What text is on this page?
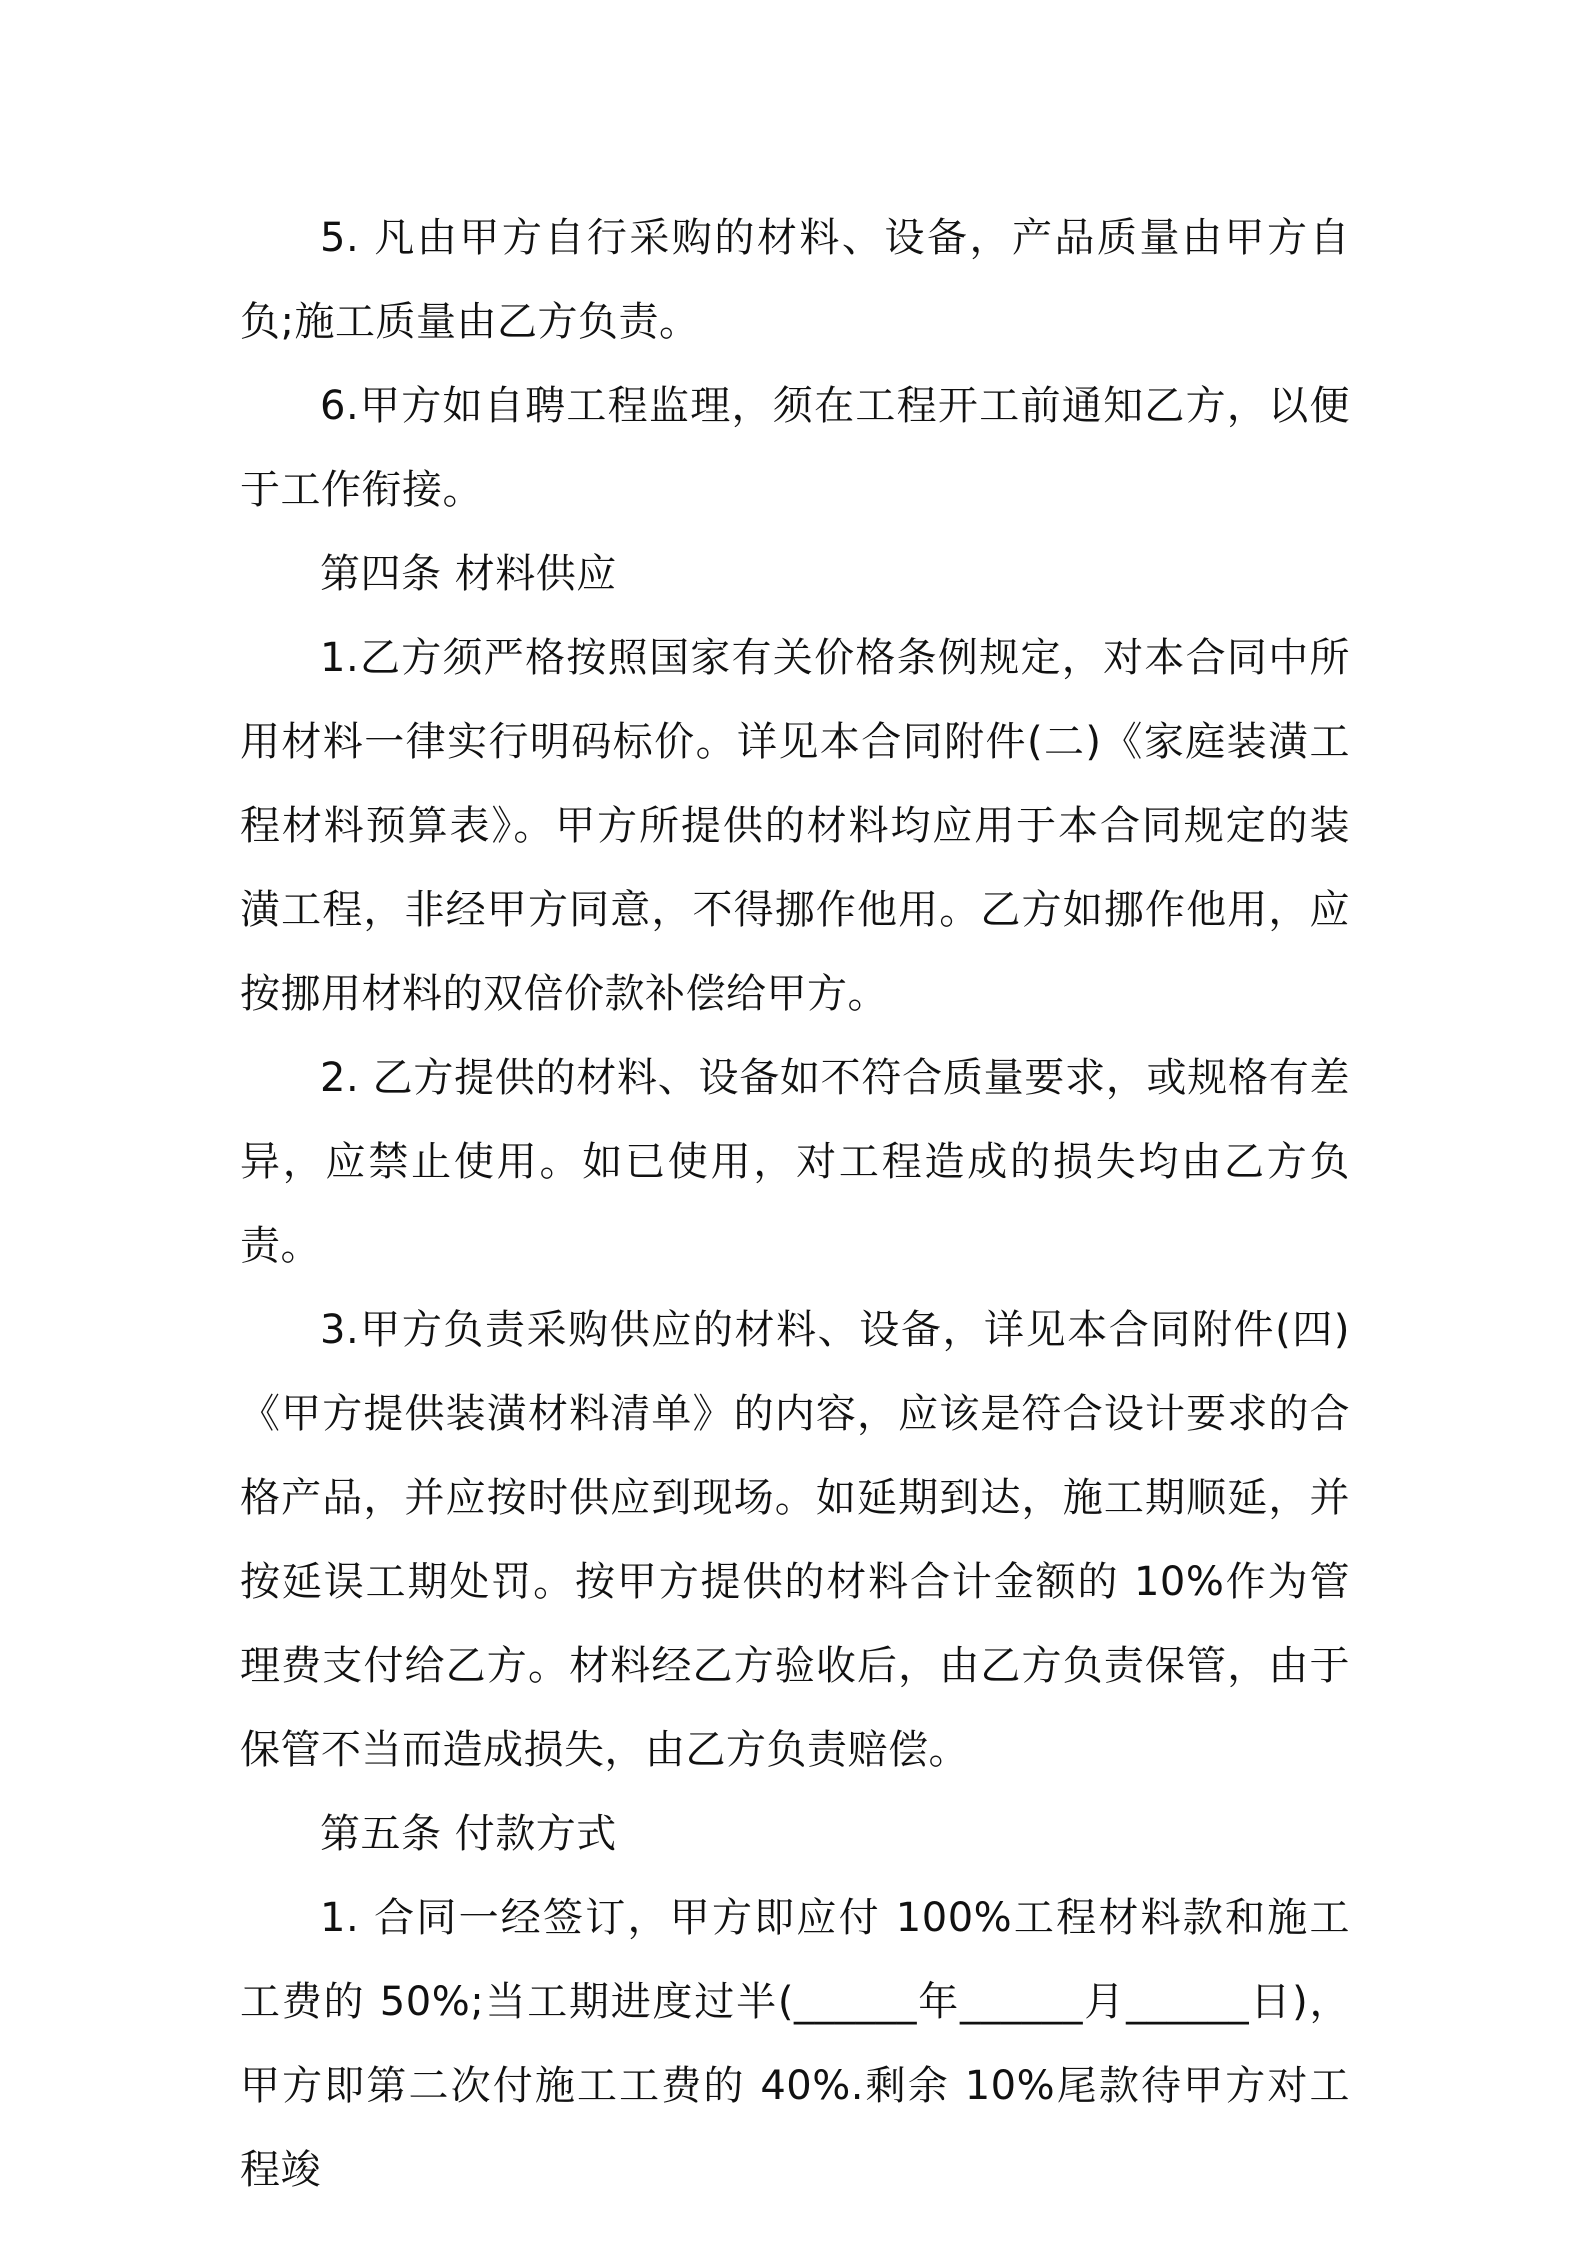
5. 凡由甲方自行采购的材料、设备，产品质量由甲方自负;施工质量由乙方负责。

6.甲方如自聘工程监理，须在工程开工前通知乙方，以便于工作衔接。

第四条 材料供应

1.乙方须严格按照国家有关价格条例规定，对本合同中所用材料一律实行明码标价。详见本合同附件(二)《家庭装潢工程材料预算表》。甲方所提供的材料均应用于本合同规定的装潢工程，非经甲方同意，不得挪作他用。乙方如挪作他用，应按挪用材料的双倍价款补偿给甲方。

2. 乙方提供的材料、设备如不符合质量要求，或规格有差异，应禁止使用。如已使用，对工程造成的损失均由乙方负责。

3.甲方负责采购供应的材料、设备，详见本合同附件(四)《甲方提供装潢材料清单》的内容，应该是符合设计要求的合格产品，并应按时供应到现场。如延期到达，施工期顺延，并按延误工期处罚。按甲方提供的材料合计金额的 10%作为管理费支付给乙方。材料经乙方验收后，由乙方负责保管，由于保管不当而造成损失，由乙方负责赔偿。

第五条 付款方式

1. 合同一经签订，甲方即应付 100%工程材料款和施工工费的 50%;当工期进度过半(______年______月______日)，甲方即第二次付施工工费的 40%.剩余 10%尾款待甲方对工程竣
